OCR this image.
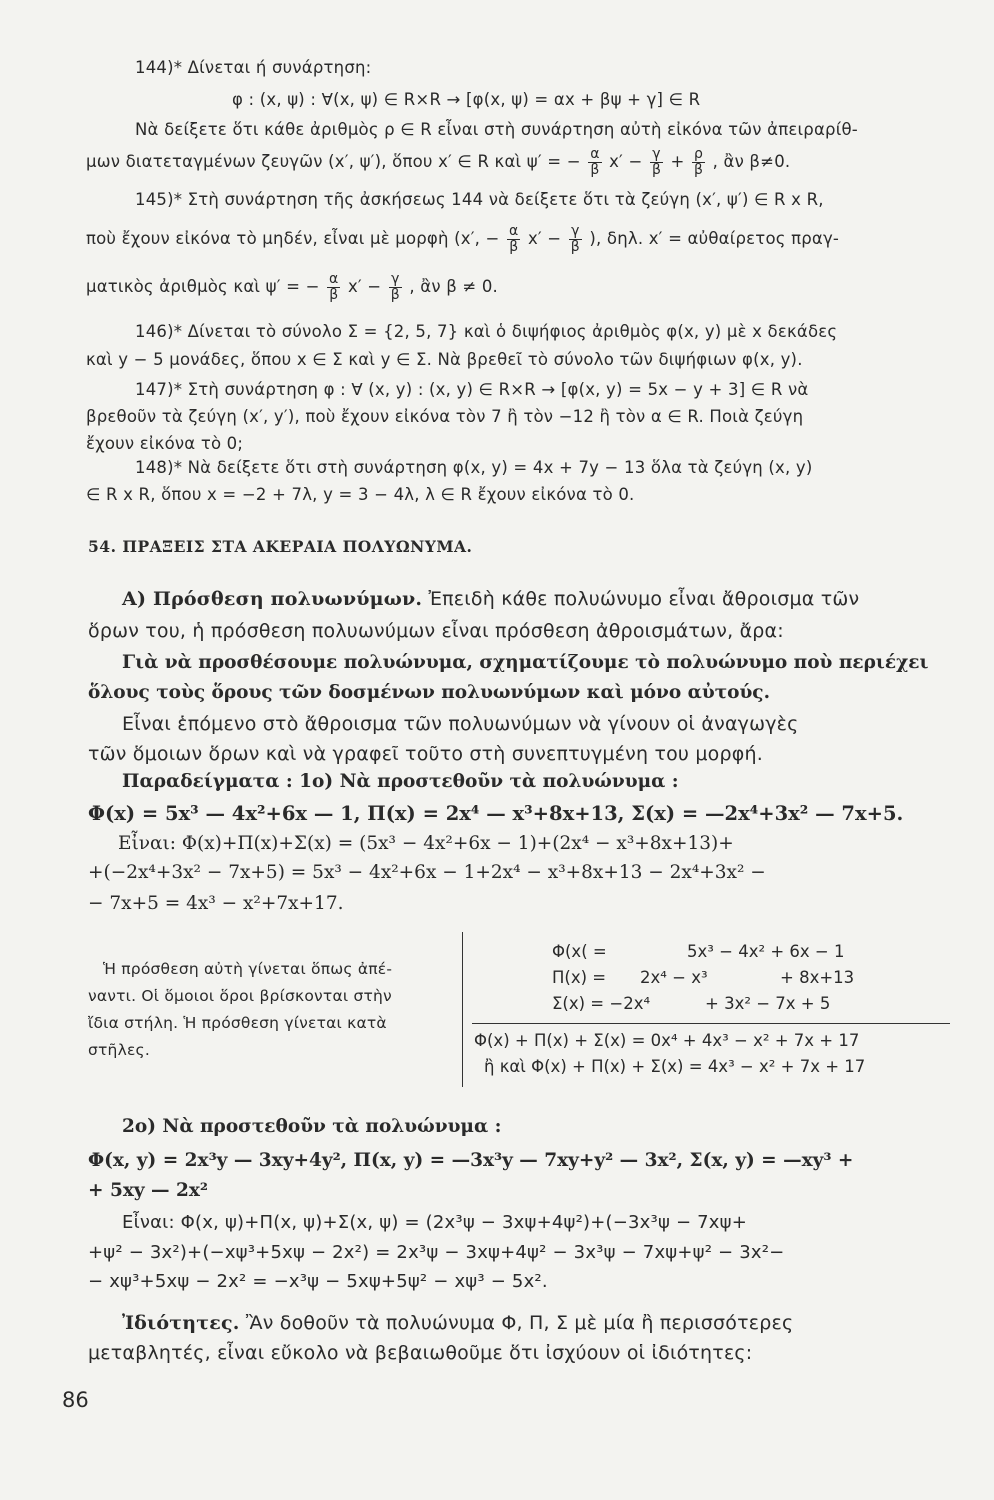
144)* Δίνεται ή συνάρτηση:
φ : (x, ψ) : ∀(x, ψ) ∈ R×R → [φ(x, ψ) = αx + βψ + γ] ∈ R
Νὰ δείξετε ὅτι κάθε ἀριθμὸς ρ ∈ R εἶναι στὴ συνάρτηση αὐτὴ εἰκόνα τῶν ἀπειραρίθ-
μων διατεταγμένων ζευγῶν (x′, ψ′), ὅπου x′ ∈ R καὶ ψ′ = − $\frac{\alpha}{\beta} x' - \frac{\gamma}{\beta} + \frac{\rho}{\beta}$ , ἂν β≠0.
145)* Στὴ συνάρτηση τῆς ἀσκήσεως 144 νὰ δείξετε ὅτι τὰ ζεύγη (x′, ψ′) ∈ R x R,
ποὺ ἔχουν εἰκόνα τὸ μηδέν, εἶναι μὲ μορφὴ (x′, − $\frac{\alpha}{\beta} x' - \frac{\gamma}{\beta}$ ), δηλ. x′ = αὐθαίρετος πραγ-
ματικὸς ἀριθμὸς καὶ ψ′ = − $\frac{\alpha}{\beta} x' - \frac{\gamma}{\beta}$ , ἂν β ≠ 0.
146)* Δίνεται τὸ σύνολο Σ = {2, 5, 7} καὶ ὁ διψήφιος ἀριθμὸς φ(x, y) μὲ x δεκάδες
καὶ y − 5 μονάδες, ὅπου x ∈ Σ καὶ y ∈ Σ. Νὰ βρεθεῖ τὸ σύνολο τῶν διψήφιων φ(x, y).
147)* Στὴ συνάρτηση φ : ∀ (x, y) : (x, y) ∈ R×R → [φ(x, y) = 5x − y + 3] ∈ R νὰ
βρεθοῦν τὰ ζεύγη (x′, y′), ποὺ ἔχουν εἰκόνα τὸν 7 ἢ τὸν −12 ἢ τὸν α ∈ R. Ποιὰ ζεύγη
ἔχουν εἰκόνα τὸ 0;
148)* Νὰ δείξετε ὅτι στὴ συνάρτηση φ(x, y) = 4x + 7y − 13 ὅλα τὰ ζεύγη (x, y)
∈ R x R, ὅπου x = −2 + 7λ, y = 3 − 4λ, λ ∈ R ἔχουν εἰκόνα τὸ 0.
54. ΠΡΑΞΕΙΣ ΣΤΑ ΑΚΕΡΑΙΑ ΠΟΛΥΩΝΥΜΑ.
Α) Πρόσθεση πολυωνύμων. Ἐπειδὴ κάθε πολυώνυμο εἶναι ἄθροισμα τῶν
ὅρων του, ἡ πρόσθεση πολυωνύμων εἶναι πρόσθεση ἀθροισμάτων, ἄρα:
Γιὰ νὰ προσθέσουμε πολυώνυμα, σχηματίζουμε τὸ πολυώνυμο ποὺ περιέχει
ὅλους τοὺς ὅρους τῶν δοσμένων πολυωνύμων καὶ μόνο αὐτούς.
Εἶναι ἑπόμενο στὸ ἄθροισμα τῶν πολυωνύμων νὰ γίνουν οἱ ἀναγωγὲς
τῶν ὅμοιων ὅρων καὶ νὰ γραφεῖ τοῦτο στὴ συνεπτυγμένη του μορφή.
Παραδείγματα : 1ο) Νὰ προστεθοῦν τὰ πολυώνυμα :
Φ(x) = 5x³ — 4x²+6x — 1, Π(x) = 2x⁴ — x³+8x+13, Σ(x) = —2x⁴+3x² — 7x+5.
Εἶναι: Φ(x)+Π(x)+Σ(x) = (5x³ − 4x²+6x − 1)+(2x⁴ − x³+8x+13)+
+(−2x⁴+3x² − 7x+5) = 5x³ − 4x²+6x − 1+2x⁴ − x³+8x+13 − 2x⁴+3x² −
− 7x+5 = 4x³ − x²+7x+17.
Ἡ πρόσθεση αὐτὴ γίνεται ὅπως ἀπέ-
ναντι. Οἱ ὅμοιοι ὅροι βρίσκονται στὴν
ἴδια στήλη. Ἡ πρόσθεση γίνεται κατὰ
στῆλες.
Φ(x( =	5x³ − 4x² + 6x − 1
Π(x) = 2x⁴ − x³	+ 8x+13
Σ(x) = −2x⁴	+ 3x² − 7x + 5
Φ(x) + Π(x) + Σ(x) = 0x⁴ + 4x³ − x² + 7x + 17
ἢ καὶ Φ(x) + Π(x) + Σ(x) = 4x³ − x² + 7x + 17
2ο) Νὰ προστεθοῦν τὰ πολυώνυμα :
Φ(x, y) = 2x³y — 3xy+4y², Π(x, y) = —3x³y — 7xy+y² — 3x², Σ(x, y) = —xy³ +
+ 5xy — 2x²
Εἶναι: Φ(x, ψ)+Π(x, ψ)+Σ(x, ψ) = (2x³ψ − 3xψ+4ψ²)+(−3x³ψ − 7xψ+
+ψ² − 3x²)+(−xψ³+5xψ − 2x²) = 2x³ψ − 3xψ+4ψ² − 3x³ψ − 7xψ+ψ² − 3x²−
− xψ³+5xψ − 2x² = −x³ψ − 5xψ+5ψ² − xψ³ − 5x².
Ἰδιότητες. Ἂν δοθοῦν τὰ πολυώνυμα Φ, Π, Σ μὲ μία ἢ περισσότερες
μεταβλητές, εἶναι εὔκολο νὰ βεβαιωθοῦμε ὅτι ἰσχύουν οἱ ἰδιότητες:
86
